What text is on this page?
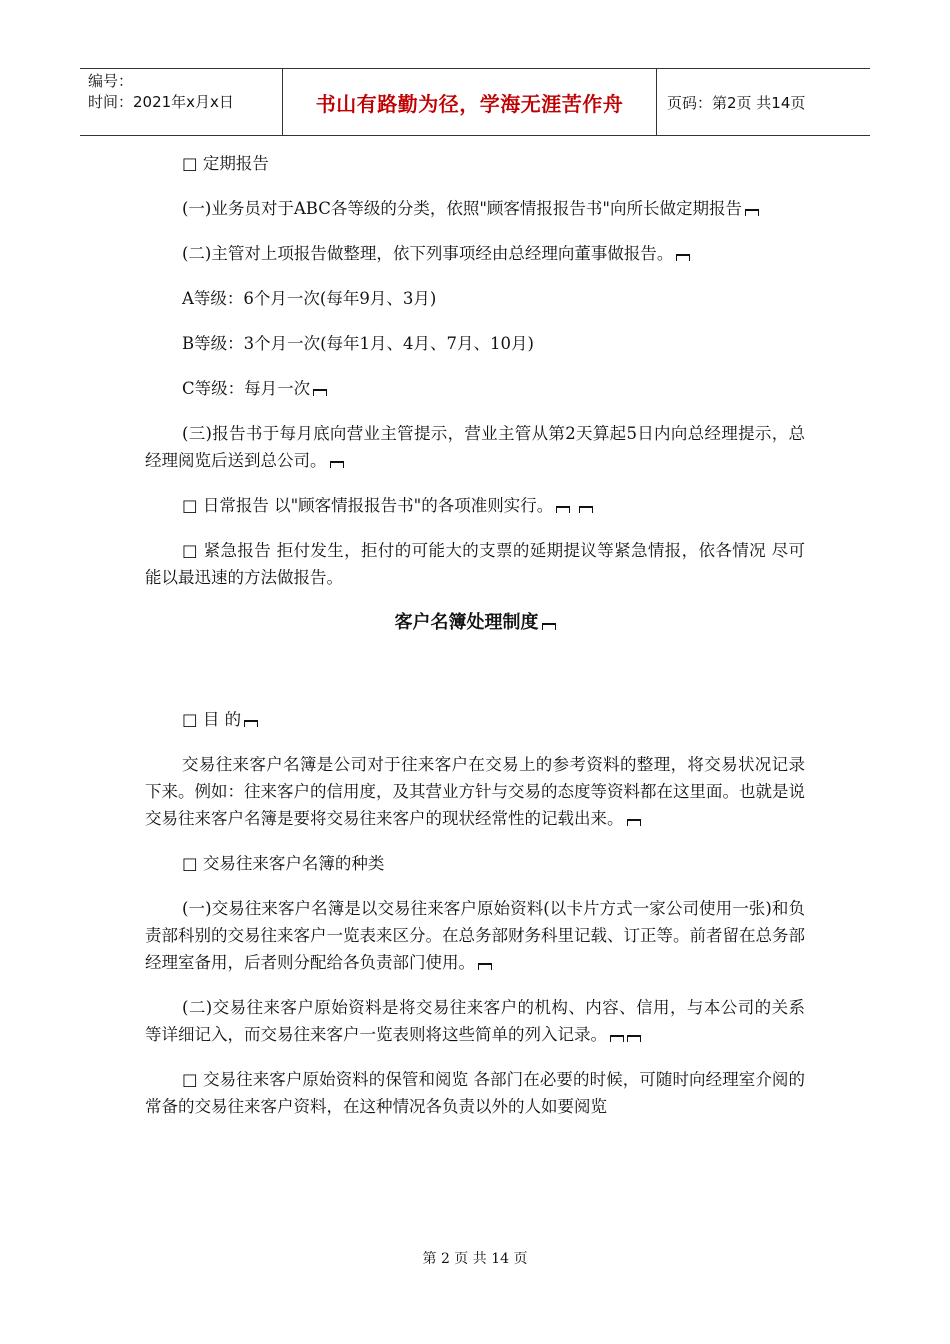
编号：
时间：2021年x月x日	书山有路勤为径，学海无涯苦作舟	页码：第2页 共14页

□ 定期报告

(一)业务员对于ABC各等级的分类，依照"顾客情报报告书"向所长做定期报告

(二)主管对上项报告做整理，依下列事项经由总经理向董事做报告。

A等级：6个月一次(每年9月、3月)

B等级：3个月一次(每年1月、4月、7月、10月)

C等级：每月一次

(三)报告书于每月底向营业主管提示，营业主管从第2天算起5日内向总经理提示，总经理阅览后送到总公司。

□ 日常报告 以"顾客情报报告书"的各项准则实行。

□ 紧急报告 拒付发生，拒付的可能大的支票的延期提议等紧急情报，依各情况 尽可能以最迅速的方法做报告。

客户名簿处理制度

□ 目 的

交易往来客户名簿是公司对于往来客户在交易上的参考资料的整理，将交易状况记录下来。例如：往来客户的信用度，及其营业方针与交易的态度等资料都在这里面。也就是说交易往来客户名簿是要将交易往来客户的现状经常性的记载出来。

□ 交易往来客户名簿的种类

(一)交易往来客户名簿是以交易往来客户原始资料(以卡片方式一家公司使用一张)和负责部科别的交易往来客户一览表来区分。在总务部财务科里记载、订正等。前者留在总务部经理室备用，后者则分配给各负责部门使用。

(二)交易往来客户原始资料是将交易往来客户的机构、内容、信用，与本公司的关系等详细记入，而交易往来客户一览表则将这些简单的列入记录。

□ 交易往来客户原始资料的保管和阅览 各部门在必要的时候，可随时向经理室介阅的常备的交易往来客户资料，在这种情况各负责以外的人如要阅览

第 2 页 共 14 页
